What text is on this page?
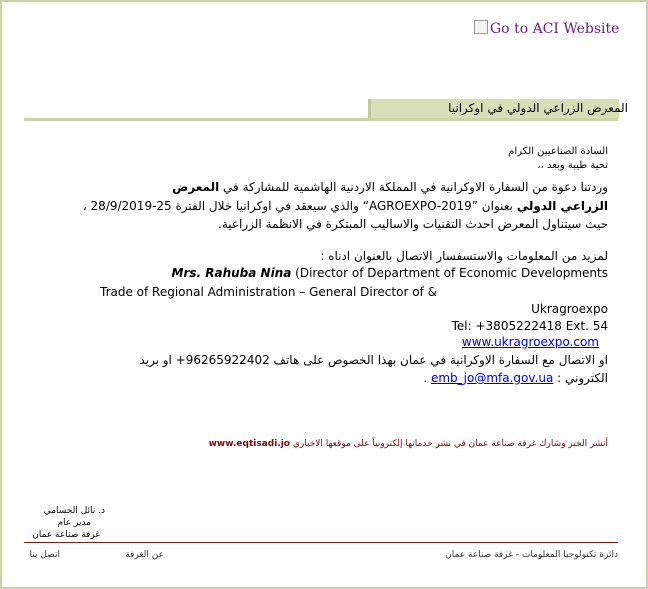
Go to ACI Website
المعرض الزراعي الدولي في اوكرانيا
السادة الصناعيين الكرام
تحية طيبة وبعد ،،
وردتنا دعوة من السفارة الاوكرانية في المملكة الاردنية الهاشمية للمشاركة في المعرض
الزراعي الدولي بعنوان ”AGROEXPO-2019“ والذي سيعقد في اوكرانيا خلال الفترة 25-28/9/2019 ،
حيث سيتناول المعرض احدث التقنيات والاساليب المبتكرة في الانظمة الزراعية.
لمزيد من المعلومات والاستسفسار الاتصال بالعنوان ادناه :
Mrs. Rahuba Nina (Director of Department of Economic Developments
Trade of Regional Administration – General Director of &
Ukragroexpo
Tel: +3805222418 Ext. 54
www.ukragroexpo.com
او الاتصال مع السفارة الاوكرانية في عمان بهذا الخصوص على هاتف 96265922402+ او بريد
الكتروني : emb_jo@mfa.gov.ua .
أنشر الخبر وشارك غرفة صناعة عمان في نشر خدماتها إلكترونياً على موقعها الاخباري www.eqtisadi.jo
د. نائل الحسامي
مدير عام
غرفة صناعة عمان
اتصل بنا	عن الغرفة	دائرة تكنولوجيا المعلومات - غرفة صناعة عمان
